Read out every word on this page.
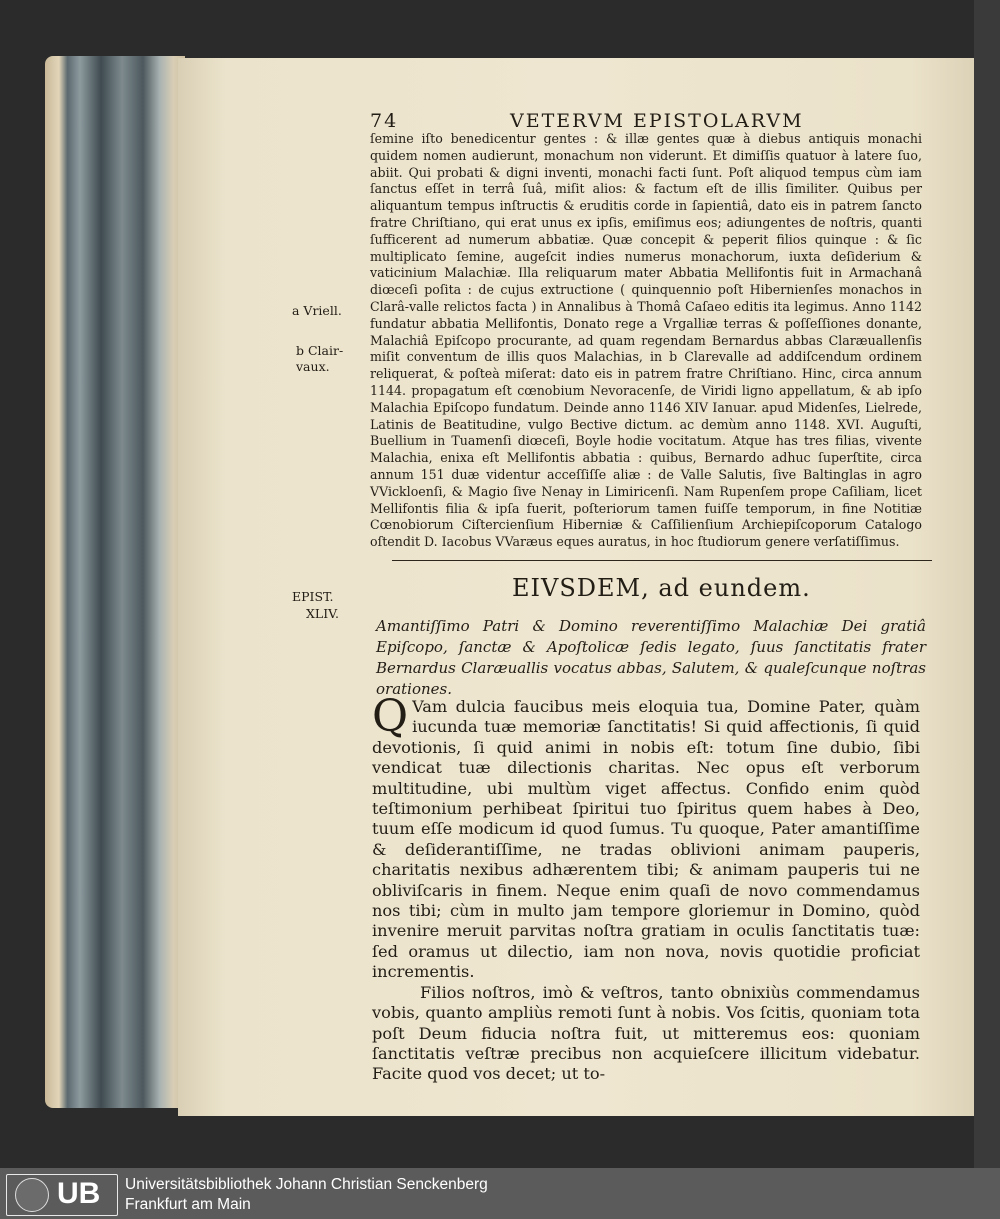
74	VETERVM EPISTOLARVM

ſemine iſto benedicentur gentes : & illæ gentes quæ à diebus antiquis monachi quidem nomen audierunt, monachum non viderunt. Et dimiſſis quatuor à latere ſuo, abiit. Qui probati & digni inventi, monachi facti ſunt. Poſt aliquod tempus cùm iam ſanctus eſſet in terrâ ſuâ, miſit alios: & factum eſt de illis ſimiliter. Quibus per aliquantum tempus inſtructis & eruditis corde in ſapientiâ, dato eis in patrem ſancto fratre Chriſtiano, qui erat unus ex ipſis, emiſimus eos; adiungentes de noſtris, quanti ſufficerent ad numerum abbatiæ. Quæ concepit & peperit filios quinque : & ſic multiplicato ſemine, augeſcit indies numerus monachorum, iuxta deſiderium & vaticinium Malachiæ. Illa reliquarum mater Abbatia Mellifontis fuit in Armachanâ diœceſi poſita : de cujus extructione ( quinquennio poſt Hibernienſes monachos in Clarâ-valle relictos facta ) in Annalibus à Thomâ Caſaeo editis ita legimus. Anno 1142 fundatur abbatia Mellifontis, Donato rege a Vrgalliæ terras & poſſeſſiones donante, Malachiâ Epiſcopo procurante, ad quam regendam Bernardus abbas Claræuallenſis miſit conventum de illis quos Malachias, in b Clarevalle ad addiſcendum ordinem reliquerat, & poſteà miſerat: dato eis in patrem fratre Chriſtiano. Hinc, circa annum 1144. propagatum eſt cœnobium Nevoracenſe, de Viridi ligno appellatum, & ab ipſo Malachia Epiſcopo fundatum. Deinde anno 1146 XIV Ianuar. apud Midenſes, Lielrede, Latinis de Beatitudine, vulgo Bective dictum. ac demùm anno 1148. XVI. Auguſti, Buellium in Tuamenſi diœceſi, Boyle hodie vocitatum. Atque has tres filias, vivente Malachia, enixa eſt Mellifontis abbatia : quibus, Bernardo adhuc ſuperſtite, circa annum 151 duæ videntur acceſſiſſe aliæ : de Valle Salutis, ſive Baltinglas in agro VVickloenſi, & Magio ſive Nenay in Limiricenſi. Nam Rupenſem prope Caſiliam, licet Mellifontis filia & ipſa fuerit, poſteriorum tamen fuiſſe temporum, in fine Notitiæ Cœnobiorum Ciſtercienſium Hiberniæ & Caſſilienſium Archiepiſcoporum Catalogo oſtendit D. Iacobus VVaræus eques auratus, in hoc ſtudiorum genere verſatiſſimus.

a Vriell.
b Clair-
vaux.
EPIST.
XLIV.
EIVSDEM, ad eundem.
Amantiſſimo Patri & Domino reverentiſſimo Malachiæ Dei gratiâ Epiſcopo, ſanctæ & Apoſtolicæ ſedis legato, ſuus ſanctitatis frater Bernardus Claræuallis vocatus abbas, Salutem, & qualeſcunque noſtras orationes.

Q Vam dulcia faucibus meis eloquia tua, Domine Pater, quàm iucunda tuæ memoriæ ſanctitatis! Si quid affectionis, ſi quid devotionis, ſi quid animi in nobis eſt: totum ſine dubio, ſibi vendicat tuæ dilectionis charitas. Nec opus eſt verborum multitudine, ubi multùm viget affectus. Confido enim quòd teſtimonium perhibeat ſpiritui tuo ſpiritus quem habes à Deo, tuum eſſe modicum id quod ſumus. Tu quoque, Pater amantiſſime & deſiderantiſſime, ne tradas oblivioni animam pauperis, charitatis nexibus adhærentem tibi; & animam pauperis tui ne obliviſcaris in finem. Neque enim quaſi de novo commendamus nos tibi; cùm in multo jam tempore gloriemur in Domino, quòd invenire meruit parvitas noſtra gratiam in oculis ſanctitatis tuæ: ſed oramus ut dilectio, iam non nova, novis quotidie proficiat incrementis.

Filios noſtros, imò & veſtros, tanto obnixiùs commendamus vobis, quanto ampliùs remoti ſunt à nobis. Vos ſcitis, quoniam tota poſt Deum fiducia noſtra fuit, ut mitteremus eos: quoniam ſanctitatis veſtræ precibus non acquieſcere illicitum videbatur. Facite quod vos decet; ut to-

UB Universitätsbibliothek Johann Christian Senckenberg
Frankfurt am Main
